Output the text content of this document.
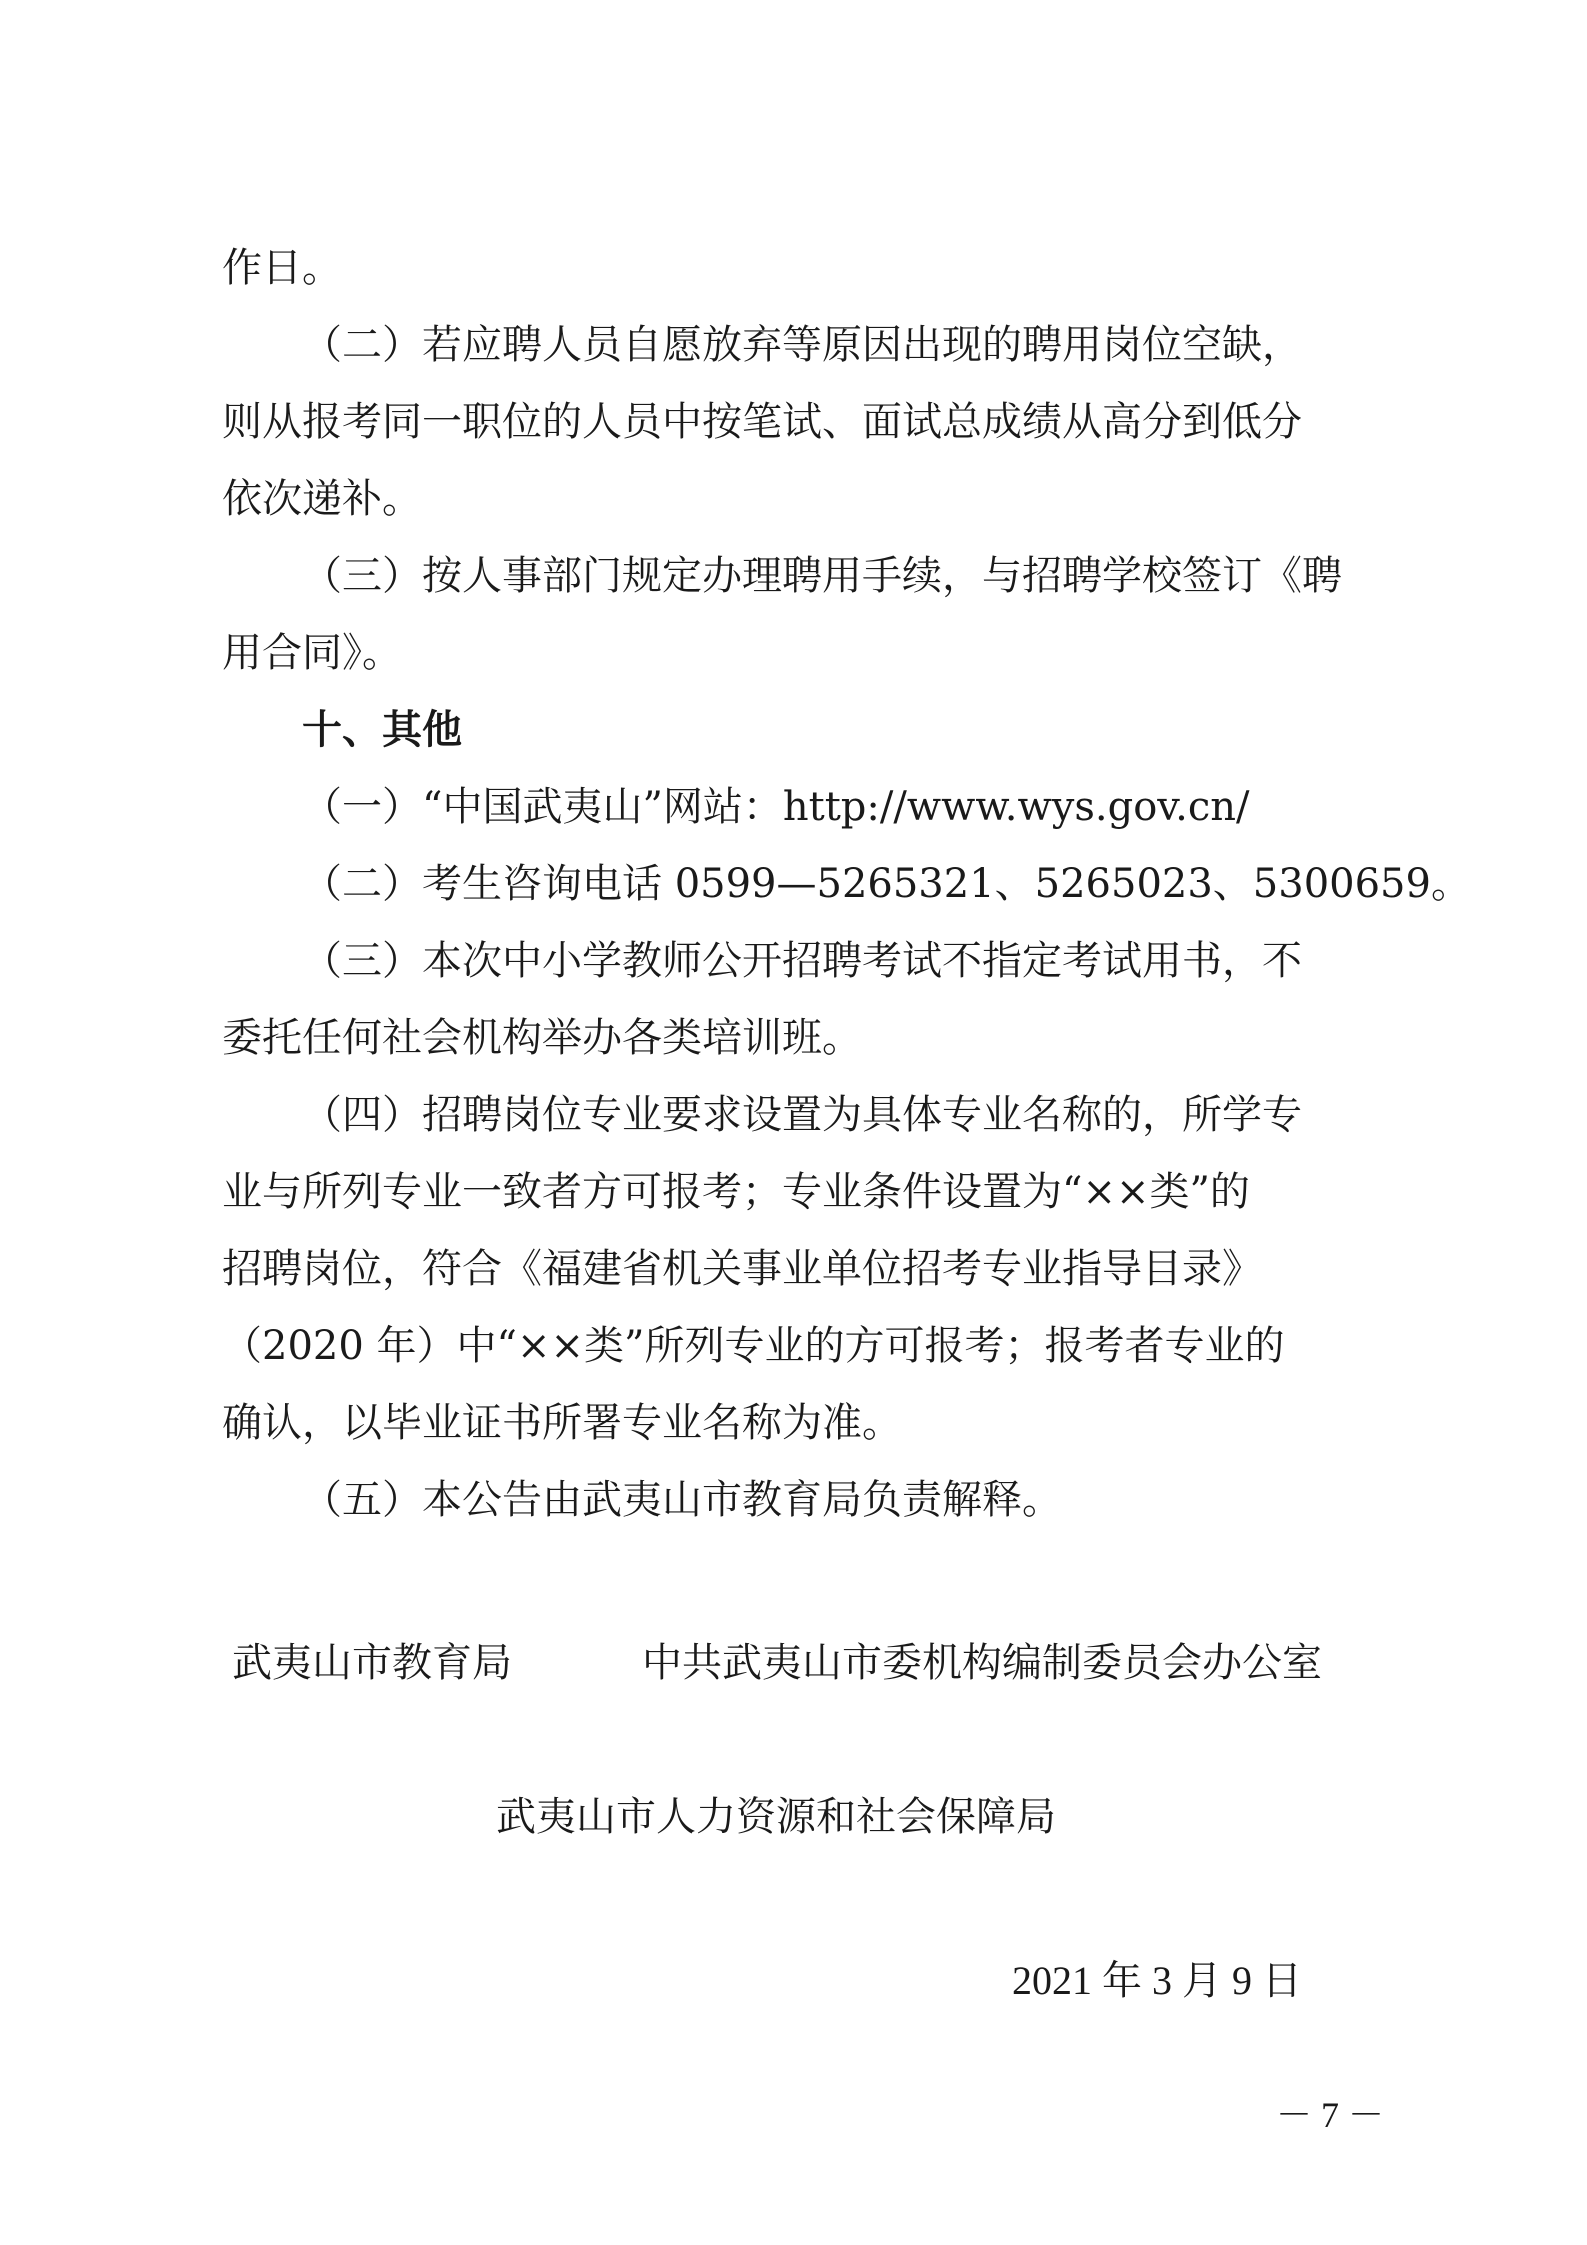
作日。
（二）若应聘人员自愿放弃等原因出现的聘用岗位空缺，
则从报考同一职位的人员中按笔试、面试总成绩从高分到低分
依次递补。
（三）按人事部门规定办理聘用手续，与招聘学校签订《聘
用合同》。
十、其他
（一）“中国武夷山”网站：http://www.wys.gov.cn/
（二）考生咨询电话 0599—5265321、5265023、5300659。
（三）本次中小学教师公开招聘考试不指定考试用书，不
委托任何社会机构举办各类培训班。
（四）招聘岗位专业要求设置为具体专业名称的，所学专
业与所列专业一致者方可报考；专业条件设置为“××类”的
招聘岗位，符合《福建省机关事业单位招考专业指导目录》
（2020 年）中“××类”所列专业的方可报考；报考者专业的
确认，以毕业证书所署专业名称为准。
（五）本公告由武夷山市教育局负责解释。
武夷山市教育局	中共武夷山市委机构编制委员会办公室
武夷山市人力资源和社会保障局
2021 年 3 月 9 日
－ 7 －
